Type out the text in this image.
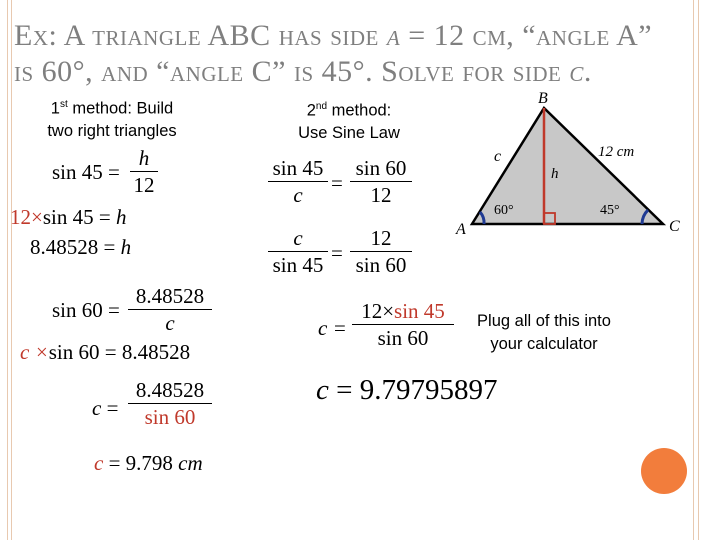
Ex: A triangle ABC has side a = 12 cm, “angle A”
is 60°, and “angle C” is 45°. Solve for side c.
1st method: Build
two right triangles
2nd method:
Use Sine Law
sin 45 =
h
12
12×sin 45 = h
8.48528 = h
sin 60 =
8.48528
c
c ×sin 60 = 8.48528
c =
8.48528
sin 60
c = 9.798 cm
sin 45
c	=
sin 60
12
c
sin 45 =
12
sin 60
c =
12×sin 45
sin 60
Plug all of this into
your calculator
c = 9.79795897
A
B
C
c	12 cm
h
60°	45°
